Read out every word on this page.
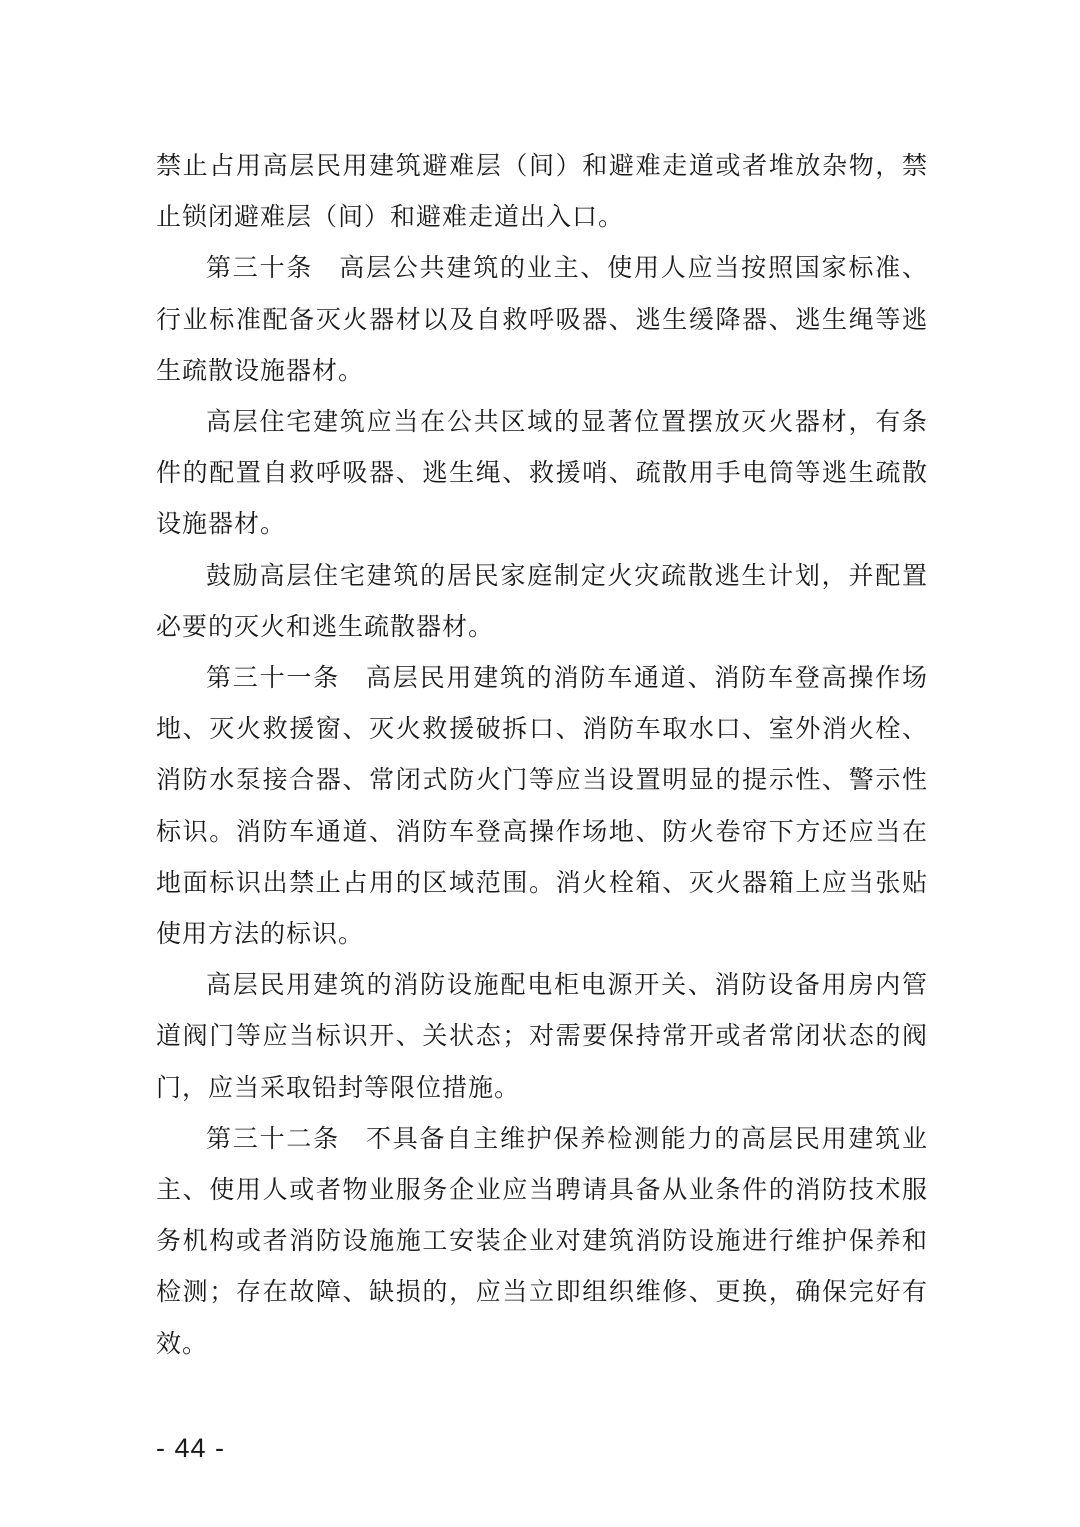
禁止占用高层民用建筑避难层（间）和避难走道或者堆放杂物，禁止锁闭避难层（间）和避难走道出入口。

第三十条 高层公共建筑的业主、使用人应当按照国家标准、行业标准配备灭火器材以及自救呼吸器、逃生缓降器、逃生绳等逃生疏散设施器材。

高层住宅建筑应当在公共区域的显著位置摆放灭火器材，有条件的配置自救呼吸器、逃生绳、救援哨、疏散用手电筒等逃生疏散设施器材。

鼓励高层住宅建筑的居民家庭制定火灾疏散逃生计划，并配置必要的灭火和逃生疏散器材。

第三十一条 高层民用建筑的消防车通道、消防车登高操作场地、灭火救援窗、灭火救援破拆口、消防车取水口、室外消火栓、消防水泵接合器、常闭式防火门等应当设置明显的提示性、警示性标识。消防车通道、消防车登高操作场地、防火卷帘下方还应当在地面标识出禁止占用的区域范围。消火栓箱、灭火器箱上应当张贴使用方法的标识。

高层民用建筑的消防设施配电柜电源开关、消防设备用房内管道阀门等应当标识开、关状态；对需要保持常开或者常闭状态的阀门，应当采取铅封等限位措施。

第三十二条 不具备自主维护保养检测能力的高层民用建筑业主、使用人或者物业服务企业应当聘请具备从业条件的消防技术服务机构或者消防设施施工安装企业对建筑消防设施进行维护保养和检测；存在故障、缺损的，应当立即组织维修、更换，确保完好有效。

- 44 -
